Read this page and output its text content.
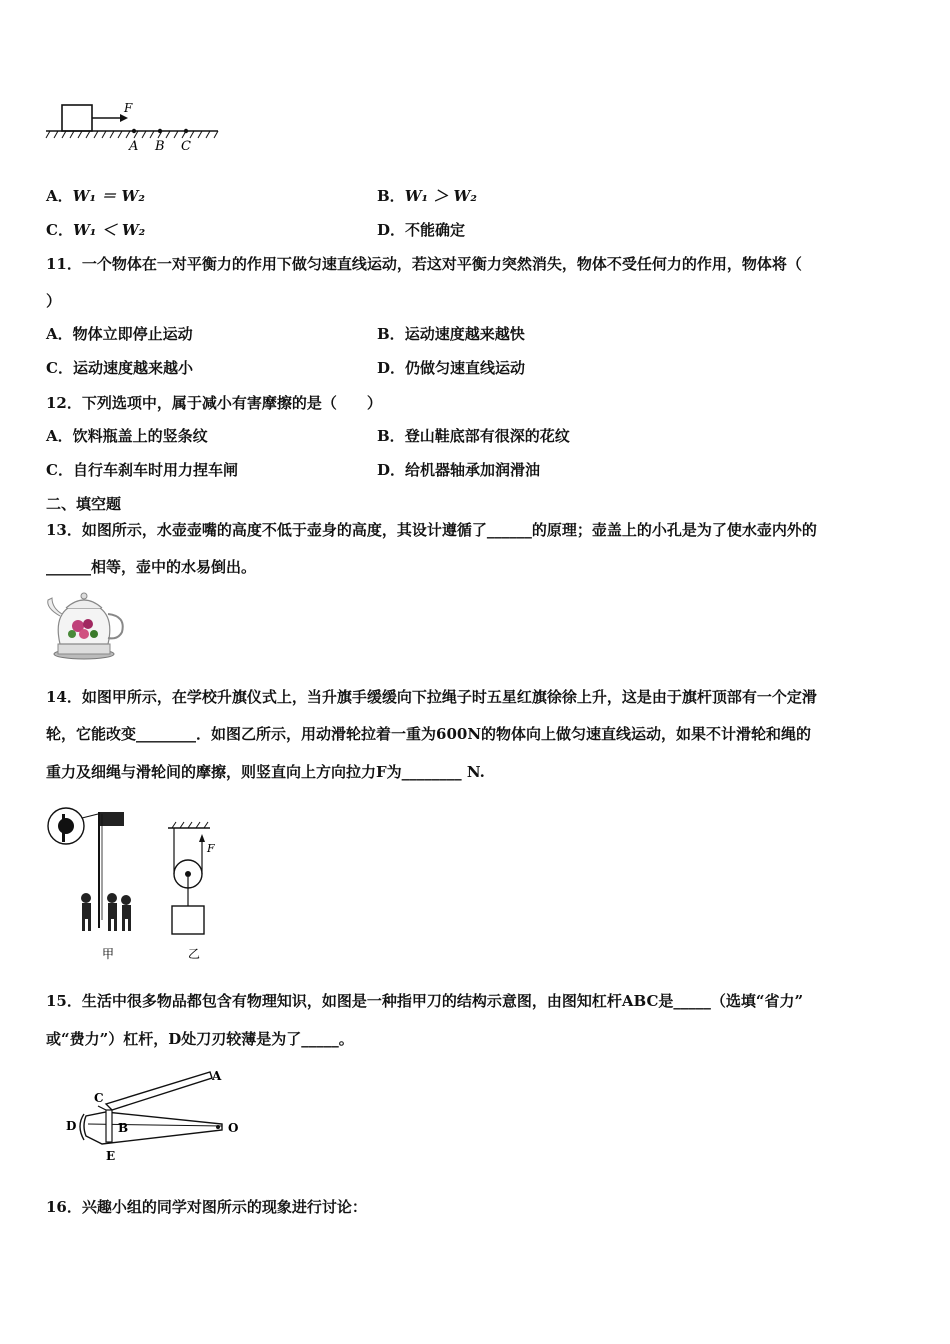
F
A B C
A．W₁ ＝ W₂	B．W₁ ＞ W₂
C．W₁ ＜ W₂	D．不能确定
11．一个物体在一对平衡力的作用下做匀速直线运动，若这对平衡力突然消失，物体不受任何力的作用，物体将（
）
A．物体立即停止运动	B．运动速度越来越快
C．运动速度越来越小	D．仍做匀速直线运动
12．下列选项中，属于减小有害摩擦的是（　　）
A．饮料瓶盖上的竖条纹	B．登山鞋底部有很深的花纹
C．自行车刹车时用力捏车闸	D．给机器轴承加润滑油
二、填空题
13．如图所示，水壶壶嘴的高度不低于壶身的高度，其设计遵循了______的原理；壶盖上的小孔是为了使水壶内外的
______相等，壶中的水易倒出。
14．如图甲所示，在学校升旗仪式上，当升旗手缓缓向下拉绳子时五星红旗徐徐上升，这是由于旗杆顶部有一个定滑
轮，它能改变________．如图乙所示，用动滑轮拉着一重为600N的物体向上做匀速直线运动，如果不计滑轮和绳的
重力及细绳与滑轮间的摩擦，则竖直向上方向拉力F为________ N.
甲
F
乙
15．生活中很多物品都包含有物理知识，如图是一种指甲刀的结构示意图，由图知杠杆ABC是_____（选填“省力”
或“费力”）杠杆，D处刀刃较薄是为了_____。
A
B
C
D
E
O
16．兴趣小组的同学对图所示的现象进行讨论：
